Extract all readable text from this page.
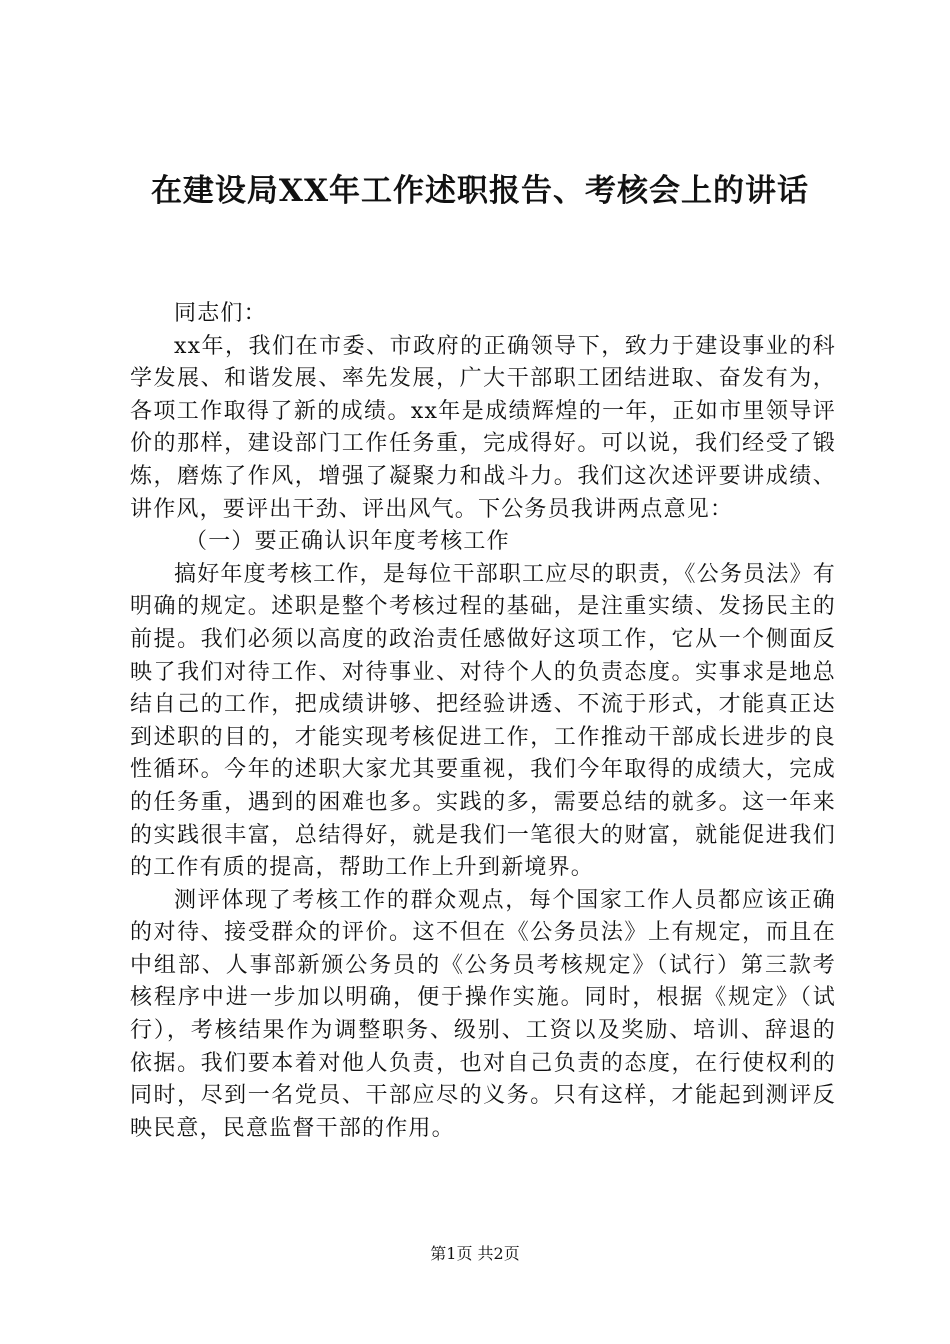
在建设局XX年工作述职报告、考核会上的讲话

同志们：

xx年，我们在市委、市政府的正确领导下，致力于建设事业的科学发展、和谐发展、率先发展，广大干部职工团结进取、奋发有为，各项工作取得了新的成绩。xx年是成绩辉煌的一年，正如市里领导评价的那样，建设部门工作任务重，完成得好。可以说，我们经受了锻炼，磨炼了作风，增强了凝聚力和战斗力。我们这次述评要讲成绩、讲作风，要评出干劲、评出风气。下公务员我讲两点意见：

（一）要正确认识年度考核工作

搞好年度考核工作，是每位干部职工应尽的职责，《公务员法》有明确的规定。述职是整个考核过程的基础，是注重实绩、发扬民主的前提。我们必须以高度的政治责任感做好这项工作，它从一个侧面反映了我们对待工作、对待事业、对待个人的负责态度。实事求是地总结自己的工作，把成绩讲够、把经验讲透、不流于形式，才能真正达到述职的目的，才能实现考核促进工作，工作推动干部成长进步的良性循环。今年的述职大家尤其要重视，我们今年取得的成绩大，完成的任务重，遇到的困难也多。实践的多，需要总结的就多。这一年来的实践很丰富，总结得好，就是我们一笔很大的财富，就能促进我们的工作有质的提高，帮助工作上升到新境界。

测评体现了考核工作的群众观点，每个国家工作人员都应该正确的对待、接受群众的评价。这不但在《公务员法》上有规定，而且在中组部、人事部新颁公务员的《公务员考核规定》（试行）第三款考核程序中进一步加以明确，便于操作实施。同时，根据《规定》（试行），考核结果作为调整职务、级别、工资以及奖励、培训、辞退的依据。我们要本着对他人负责，也对自己负责的态度，在行使权利的同时，尽到一名党员、干部应尽的义务。只有这样，才能起到测评反映民意，民意监督干部的作用。

第1页 共2页
